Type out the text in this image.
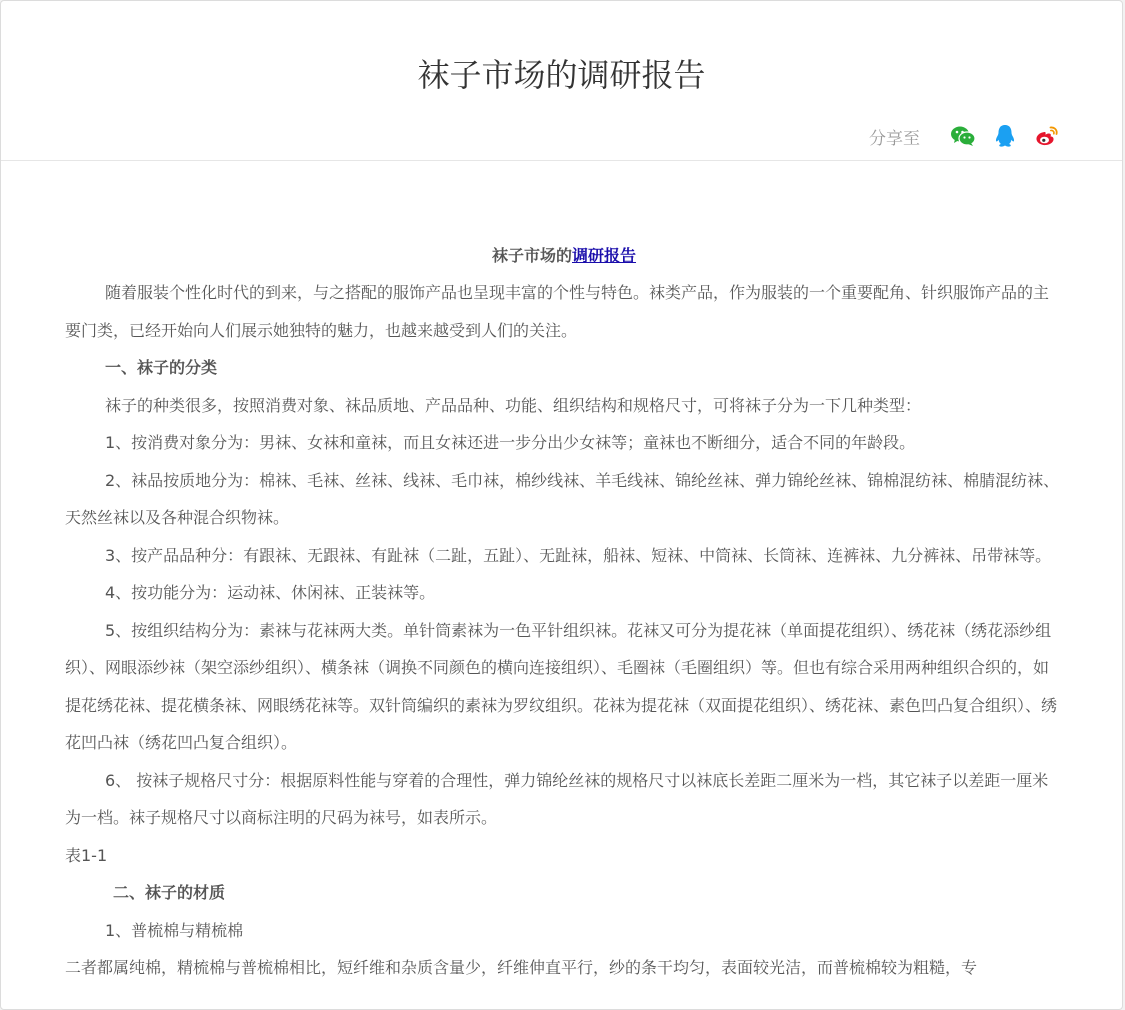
袜子市场的调研报告
分享至

袜子市场的调研报告

随着服装个性化时代的到来，与之搭配的服饰产品也呈现丰富的个性与特色。袜类产品，作为服装的一个重要配角、针织服饰产品的主要门类，已经开始向人们展示她独特的魅力，也越来越受到人们的关注。

一、袜子的分类

袜子的种类很多，按照消费对象、袜品质地、产品品种、功能、组织结构和规格尺寸，可将袜子分为一下几种类型：

1、按消费对象分为：男袜、女袜和童袜，而且女袜还进一步分出少女袜等；童袜也不断细分，适合不同的年龄段。

2、袜品按质地分为：棉袜、毛袜、丝袜、线袜、毛巾袜，棉纱线袜、羊毛线袜、锦纶丝袜、弹力锦纶丝袜、锦棉混纺袜、棉腈混纺袜、天然丝袜以及各种混合织物袜。

3、按产品品种分：有跟袜、无跟袜、有趾袜（二趾，五趾）、无趾袜，船袜、短袜、中筒袜、长筒袜、连裤袜、九分裤袜、吊带袜等。

4、按功能分为：运动袜、休闲袜、正装袜等。

5、按组织结构分为：素袜与花袜两大类。单针筒素袜为一色平针组织袜。花袜又可分为提花袜（单面提花组织）、绣花袜（绣花添纱组织）、网眼添纱袜（架空添纱组织）、横条袜（调换不同颜色的横向连接组织）、毛圈袜（毛圈组织）等。但也有综合采用两种组织合织的，如提花绣花袜、提花横条袜、网眼绣花袜等。双针筒编织的素袜为罗纹组织。花袜为提花袜（双面提花组织）、绣花袜、素色凹凸复合组织）、绣花凹凸袜（绣花凹凸复合组织）。

6、 按袜子规格尺寸分：根据原料性能与穿着的合理性，弹力锦纶丝袜的规格尺寸以袜底长差距二厘米为一档，其它袜子以差距一厘米为一档。袜子规格尺寸以商标注明的尺码为袜号，如表所示。

表1-1

二、袜子的材质

1、普梳棉与精梳棉

二者都属纯棉，精梳棉与普梳棉相比，短纤维和杂质含量少，纤维伸直平行，纱的条干均匀，表面较光洁，而普梳棉较为粗糙，专
